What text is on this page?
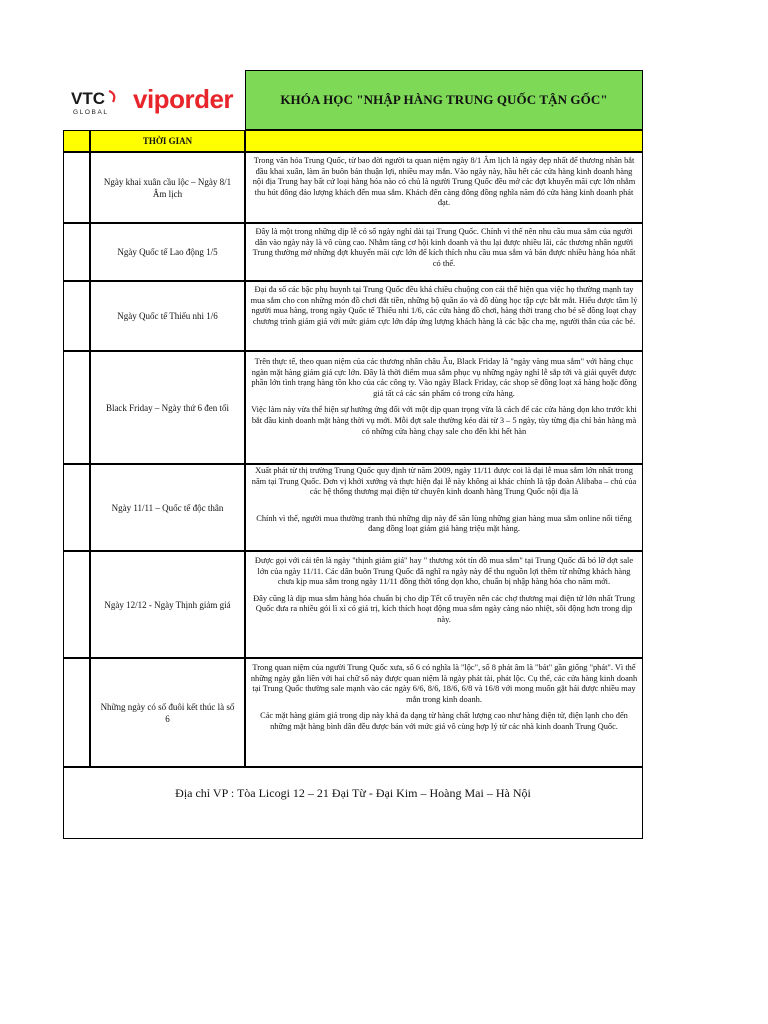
VTC
GLOBAL viporder	KHÓA HỌC "NHẬP HÀNG TRUNG QUỐC TẬN GỐC"
THỜI GIAN
Ngày khai xuân cầu lộc – Ngày 8/1 Âm lịch

Trong văn hóa Trung Quốc, từ bao đời người ta quan niệm ngày 8/1 Âm lịch là ngày đẹp nhất để thương nhân bắt đầu khai xuân, làm ăn buôn bán thuận lợi, nhiều may mắn. Vào ngày này, hầu hết các cửa hàng kinh doanh hàng nội địa Trung hay bất cứ loại hàng hóa nào có chủ là người Trung Quốc đều mở các đợt khuyến mãi cực lớn nhằm thu hút đông đảo lượng khách đến mua sắm. Khách đến càng đông đồng nghĩa năm đó cửa hàng kinh doanh phát đạt.

Ngày Quốc tế Lao động 1/5

Đây là một trong những dịp lễ có số ngày nghỉ dài tại Trung Quốc. Chính vì thế nên nhu cầu mua sắm của người dân vào ngày này là vô cùng cao. Nhằm tăng cơ hội kinh doanh và thu lại được nhiều lãi, các thương nhân người Trung thường mở những đợt khuyến mãi cực lớn để kích thích nhu cầu mua sắm và bán được nhiều hàng hóa nhất có thể.

Ngày Quốc tế Thiếu nhi 1/6

Đại đa số các bậc phụ huynh tại Trung Quốc đều khá chiều chuộng con cái thể hiện qua việc họ thường mạnh tay mua sắm cho con những món đồ chơi đắt tiền, những bộ quần áo và đồ dùng học tập cực bắt mắt. Hiểu được tâm lý người mua hàng, trong ngày Quốc tế Thiếu nhi 1/6, các cửa hàng đồ chơi, hàng thời trang cho bé sẽ đồng loạt chạy chương trình giảm giá với mức giảm cực lớn đáp ứng lượng khách hàng là các bậc cha mẹ, người thân của các bé.

Black Friday – Ngày thứ 6 đen tối

Trên thực tế, theo quan niệm của các thương nhân châu Âu, Black Friday là "ngày vàng mua sắm" với hàng chục ngàn mặt hàng giảm giá cực lớn. Đây là thời điểm mua sắm phục vụ những ngày nghỉ lễ sắp tới và giải quyết được phần lớn tình trạng hàng tồn kho của các công ty. Vào ngày Black Friday, các shop sẽ đồng loạt xả hàng hoặc đồng giá tất cả các sản phẩm có trong cửa hàng.

Việc làm này vừa thể hiện sự hưởng ứng đối với một dịp quan trọng vừa là cách để các cửa hàng dọn kho trước khi bắt đầu kinh doanh mặt hàng thời vụ mới. Mỗi đợt sale thường kéo dài từ 3 – 5 ngày, tùy từng địa chỉ bán hàng mà có những cửa hàng chạy sale cho đến khi hết hàn

Ngày 11/11 – Quốc tế độc thân

Xuất phát từ thị trường Trung Quốc quy định từ năm 2009, ngày 11/11 được coi là đại lễ mua sắm lớn nhất trong năm tại Trung Quốc. Đơn vị khởi xướng và thực hiện đại lễ này không ai khác chính là tập đoàn Alibaba – chủ của các hệ thống thương mại điện tử chuyên kinh doanh hàng Trung Quốc nội địa là

Chính vì thế, người mua thường tranh thủ những dịp này để săn lùng những gian hàng mua sắm online nổi tiếng đang đồng loạt giảm giá hàng triệu mặt hàng.

Ngày 12/12 - Ngày Thịnh giảm giá

Được gọi với cái tên là ngày "thịnh giảm giá" hay " thương xót tín đồ mua sắm" tại Trung Quốc đã bỏ lỡ đợt sale lớn của ngày 11/11. Các dân buôn Trung Quốc đã nghĩ ra ngày này để thu nguồn lợi thêm từ những khách hàng chưa kịp mua sắm trong ngày 11/11 đồng thời tổng dọn kho, chuẩn bị nhập hàng hóa cho năm mới.

Đây cũng là dịp mua sắm hàng hóa chuẩn bị cho dịp Tết cổ truyền nên các chợ thương mại điện tử lớn nhất Trung Quốc đưa ra nhiều gói lì xì có giá trị, kích thích hoạt động mua sắm ngày càng náo nhiệt, sôi động hơn trong dịp này.

Những ngày có số đuôi kết thúc là số 6

Trong quan niệm của người Trung Quốc xưa, số 6 có nghĩa là "lộc", số 8 phát âm là "bát" gần giống "phát". Vì thế những ngày gắn liền với hai chữ số này được quan niệm là ngày phát tài, phát lộc. Cụ thể, các cửa hàng kinh doanh tại Trung Quốc thường sale mạnh vào các ngày 6/6, 8/6, 18/6, 6/8 và 16/8 với mong muốn gặt hái được nhiều may mắn trong kinh doanh.

Các mặt hàng giảm giá trong dịp này khá đa dạng từ hàng chất lượng cao như hàng điện tử, điện lạnh cho đến những mặt hàng bình dân đều được bán với mức giá vô cùng hợp lý từ các nhà kinh doanh Trung Quốc.

Địa chỉ VP : Tòa Licogi 12 – 21 Đại Từ - Đại Kim – Hoàng Mai – Hà Nội
